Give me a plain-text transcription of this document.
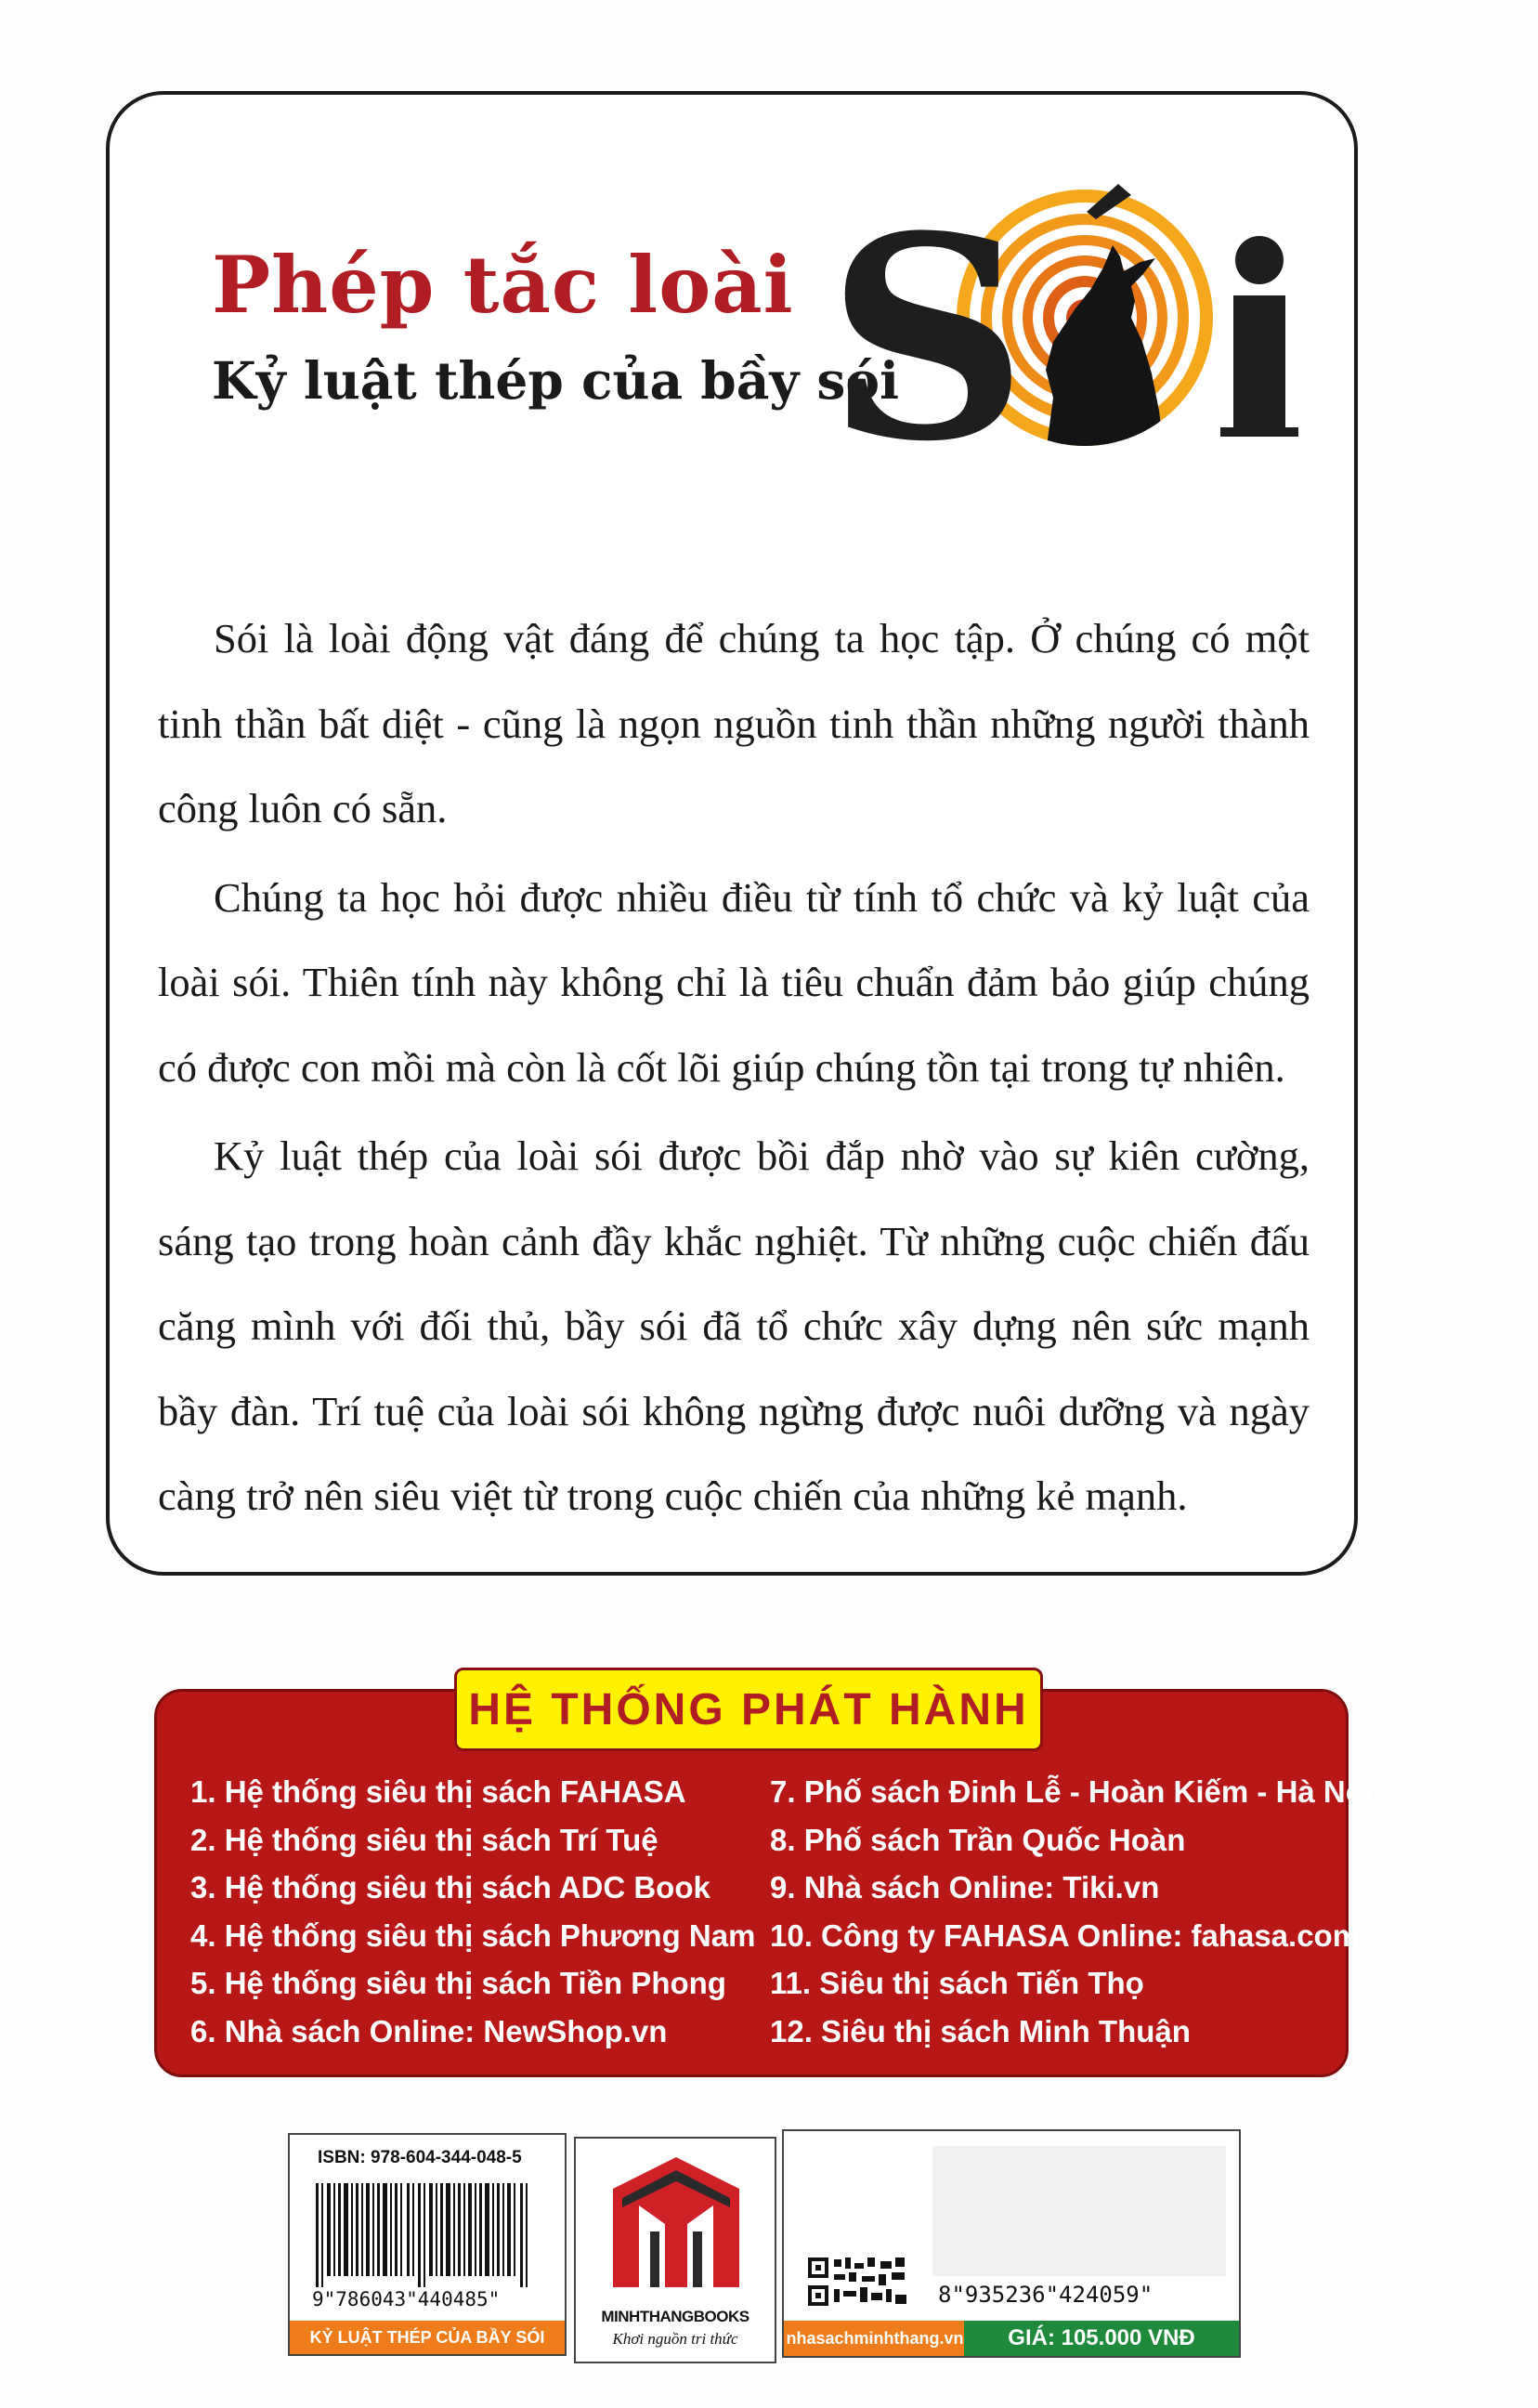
Phép tắc loài
Kỷ luật thép của bầy sói
S

Sói là loài động vật đáng để chúng ta học tập. Ở chúng có một tinh thần bất diệt - cũng là ngọn nguồn tinh thần những người thành công luôn có sẵn.

Chúng ta học hỏi được nhiều điều từ tính tổ chức và kỷ luật của loài sói. Thiên tính này không chỉ là tiêu chuẩn đảm bảo giúp chúng có được con mồi mà còn là cốt lõi giúp chúng tồn tại trong tự nhiên.

Kỷ luật thép của loài sói được bồi đắp nhờ vào sự kiên cường, sáng tạo trong hoàn cảnh đầy khắc nghiệt. Từ những cuộc chiến đấu căng mình với đối thủ, bầy sói đã tổ chức xây dựng nên sức mạnh bầy đàn. Trí tuệ của loài sói không ngừng được nuôi dưỡng và ngày càng trở nên siêu việt từ trong cuộc chiến của những kẻ mạnh.

HỆ THỐNG PHÁT HÀNH
1. Hệ thống siêu thị sách FAHASA
2. Hệ thống siêu thị sách Trí Tuệ
3. Hệ thống siêu thị sách ADC Book
4. Hệ thống siêu thị sách Phương Nam
5. Hệ thống siêu thị sách Tiền Phong
6. Nhà sách Online: NewShop.vn
7. Phố sách Đinh Lễ - Hoàn Kiếm - Hà Nội
8. Phố sách Trần Quốc Hoàn
9. Nhà sách Online: Tiki.vn
10. Công ty FAHASA Online: fahasa.com
11. Siêu thị sách Tiến Thọ
12. Siêu thị sách Minh Thuận
ISBN: 978-604-344-048-5
9"786043"440485"
KỶ LUẬT THÉP CỦA BẦY SÓI
MINHTHANGBOOKS
Khơi nguồn tri thức
8"935236"424059"
nhasachminhthang.vn	GIÁ: 105.000 VNĐ
